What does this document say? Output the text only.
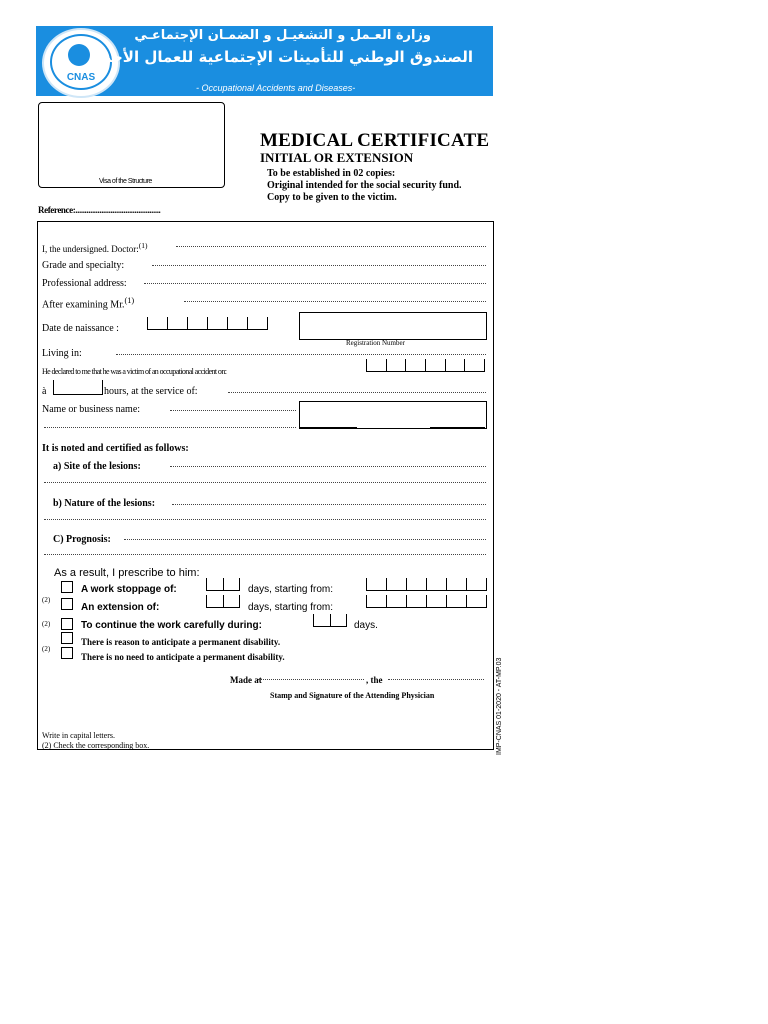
CNAS
وزارة العـمل و التشغيـل و الضمـان الإجتماعـي
الصندوق الوطني للتأمينات الإجتماعية للعمال الأجراء
- Occupational Accidents and Diseases-
Visa of the Structure
MEDICAL CERTIFICATE
INITIAL OR EXTENSION
To be established in 02 copies:
Original intended for the social security fund.
Copy to be given to the victim.
Reference:..............................................
I, the undersigned. Doctor:$^{(1)}$
Grade and specialty:
Professional address:
After examining Mr.$^{(1)}$
Date de naissance :
Registration Number
Living in:
He declared to me that he was a victim of an occupational accident on:
à	hours, at the service of:
Name or business name:
It is noted and certified as follows:
a) Site of the lesions:
b) Nature of the lesions:
C) Prognosis:
As a result, I prescribe to him:
A work stoppage of:	days, starting from:
(2)
An extension of:	days, starting from:
(2)	To continue the work carefully during:	days.
There is reason to anticipate a permanent disability.
(2)
There is no need to anticipate a permanent disability.
Made at	, the
Stamp and Signature of the Attending Physician
Write in capital letters.
(2) Check the corresponding box.	IMP-CNAS 01-2020 - AT-MP.03
